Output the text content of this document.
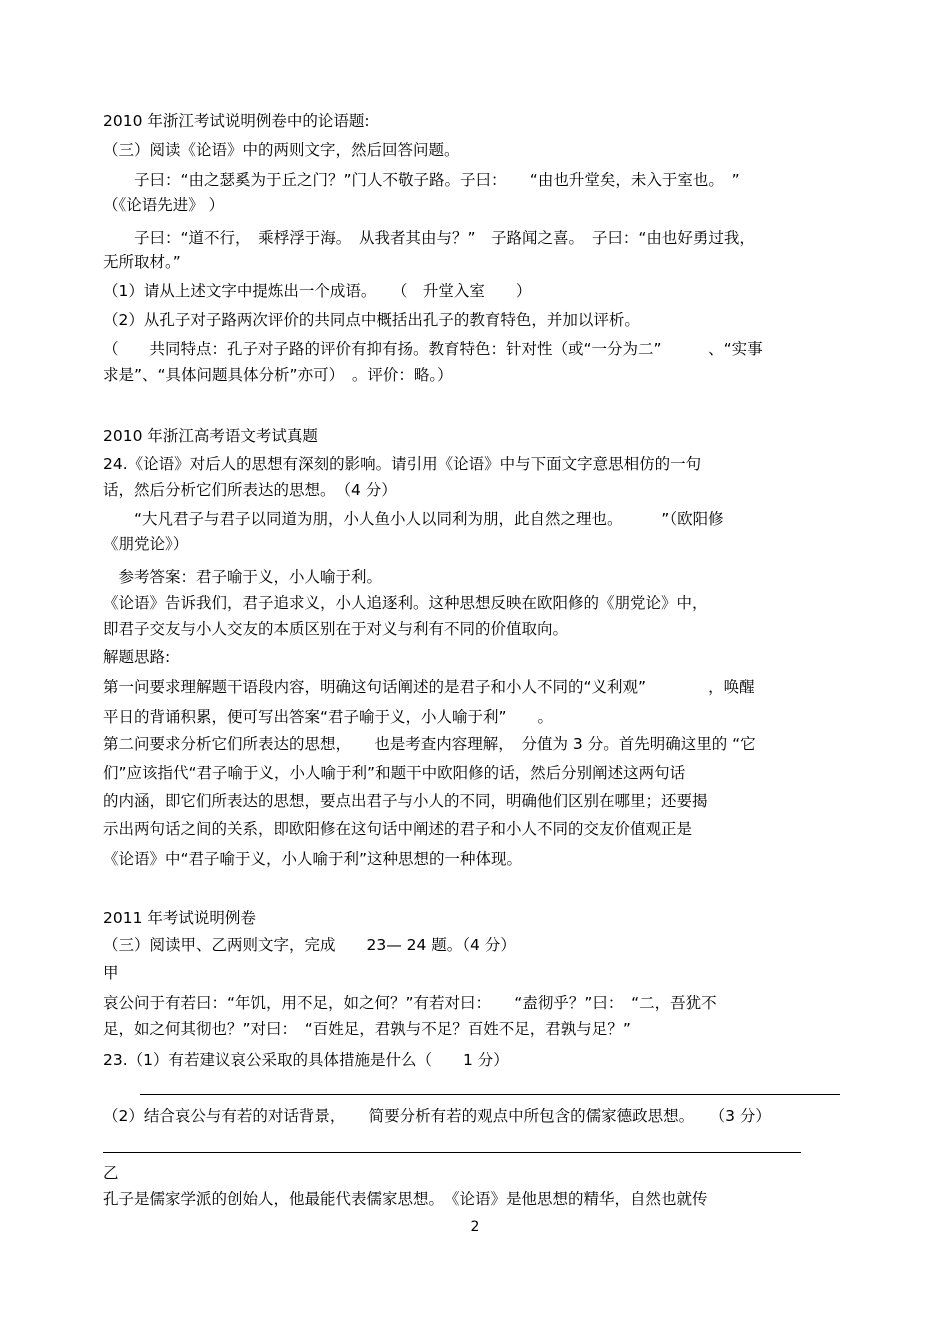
2010 年浙江考试说明例卷中的论语题:

（三）阅读《论语》中的两则文字，然后回答问题。

　　子曰：“由之瑟奚为于丘之门？”门人不敬子路。子曰：　　“由也升堂矣，未入于室也。　”

（《论语先进》 ）

　　子曰：“道不行，　乘桴浮于海。　从我者其由与？”　子路闻之喜。　子曰：“由也好勇过我，

无所取材。”

（1）请从上述文字中提炼出一个成语。　　（　升堂入室　　）

（2）从孔子对子路两次评价的共同点中概括出孔子的教育特色，并加以评析。

（　　共同特点：孔子对子路的评价有抑有扬。教育特色：针对性（或“一分为二”　　　、“实事

求是”、“具体问题具体分析”亦可）　。评价：略。）

2010 年浙江高考语文考试真题

24.《论语》对后人的思想有深刻的影响。请引用《论语》中与下面文字意思相仿的一句

话，然后分析它们所表达的思想。　（4 分）

　　“大凡君子与君子以同道为朋，小人鱼小人以同利为朋，此自然之理也。　　　”（欧阳修

《朋党论》）

　参考答案：君子喻于义，小人喻于利。

《论语》告诉我们，君子追求义，小人追逐利。这种思想反映在欧阳修的《朋党论》中，

即君子交友与小人交友的本质区别在于对义与利有不同的价值取向。

解题思路:

第一问要求理解题干语段内容，明确这句话阐述的是君子和小人不同的“义利观”　　　　，唤醒

平日的背诵积累，便可写出答案“君子喻于义，小人喻于利”　　。

第二问要求分析它们所表达的思想，　　也是考查内容理解，　分值为 3 分。首先明确这里的 “它

们”应该指代“君子喻于义，小人喻于利”和题干中欧阳修的话，然后分别阐述这两句话

的内涵，即它们所表达的思想，要点出君子与小人的不同，明确他们区别在哪里；还要揭

示出两句话之间的关系，即欧阳修在这句话中阐述的君子和小人不同的交友价值观正是

《论语》中“君子喻于义，小人喻于利”这种思想的一种体现。

2011 年考试说明例卷

（三）阅读甲、乙两则文字，完成　　23— 24 题。（4 分）

甲

哀公问于有若曰：“年饥，用不足，如之何？”有若对曰：　　“盍彻乎？”曰：　“二，吾犹不

足，如之何其彻也？”对曰：　“百姓足，君孰与不足？百姓不足，君孰与足？”

23.（1）有若建议哀公采取的具体措施是什么（　　1 分）

（2）结合哀公与有若的对话背景，　　简要分析有若的观点中所包含的儒家德政思想。　　（3 分）

乙

孔子是儒家学派的创始人，他最能代表儒家思想。　《论语》是他思想的精华，自然也就传

2
